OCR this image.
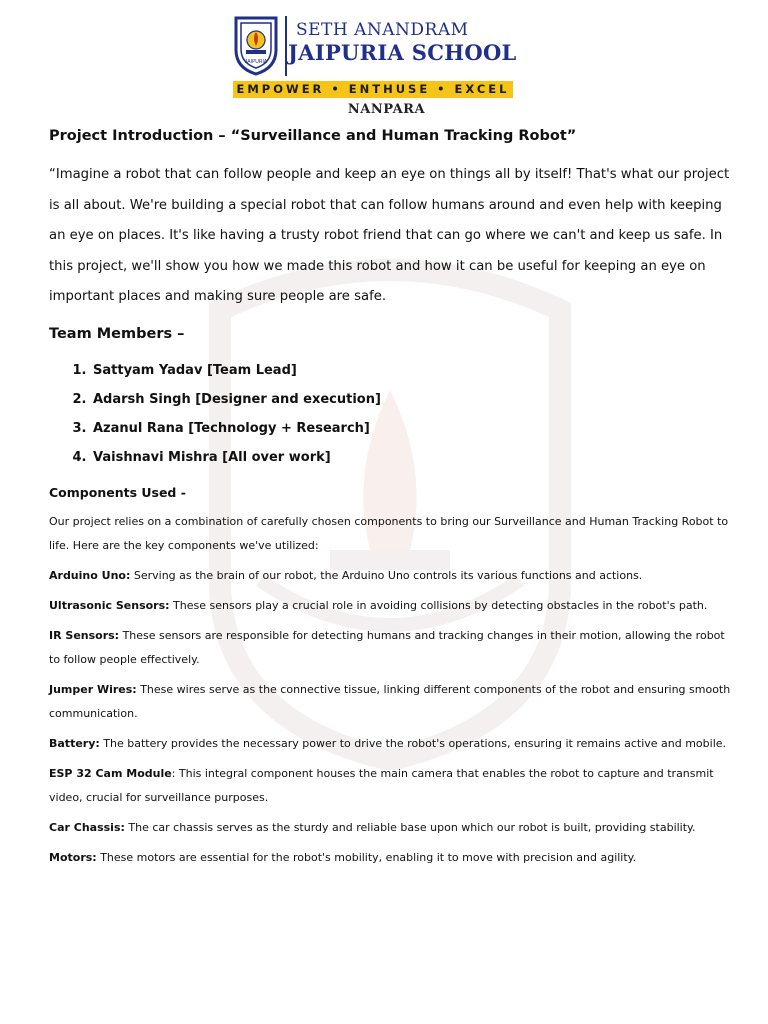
JAIPURIA
SETH ANANDRAM
JAIPURIA SCHOOL
EMPOWER • ENTHUSE • EXCEL
NANPARA
Project Introduction – “Surveillance and Human Tracking Robot”

“Imagine a robot that can follow people and keep an eye on things all by itself! That's what our project is all about. We're building a special robot that can follow humans around and even help with keeping an eye on places. It's like having a trusty robot friend that can go where we can't and keep us safe. In this project, we'll show you how we made this robot and how it can be useful for keeping an eye on important places and making sure people are safe.

Team Members –
1. Sattyam Yadav [Team Lead]
2. Adarsh Singh [Designer and execution]
3. Azanul Rana [Technology + Research]
4. Vaishnavi Mishra [All over work]
Components Used -

Our project relies on a combination of carefully chosen components to bring our Surveillance and Human Tracking Robot to life. Here are the key components we've utilized:

Arduino Uno: Serving as the brain of our robot, the Arduino Uno controls its various functions and actions.

Ultrasonic Sensors: These sensors play a crucial role in avoiding collisions by detecting obstacles in the robot's path.

IR Sensors: These sensors are responsible for detecting humans and tracking changes in their motion, allowing the robot to follow people effectively.

Jumper Wires: These wires serve as the connective tissue, linking different components of the robot and ensuring smooth communication.

Battery: The battery provides the necessary power to drive the robot's operations, ensuring it remains active and mobile.

ESP 32 Cam Module: This integral component houses the main camera that enables the robot to capture and transmit video, crucial for surveillance purposes.

Car Chassis: The car chassis serves as the sturdy and reliable base upon which our robot is built, providing stability.

Motors: These motors are essential for the robot's mobility, enabling it to move with precision and agility.
